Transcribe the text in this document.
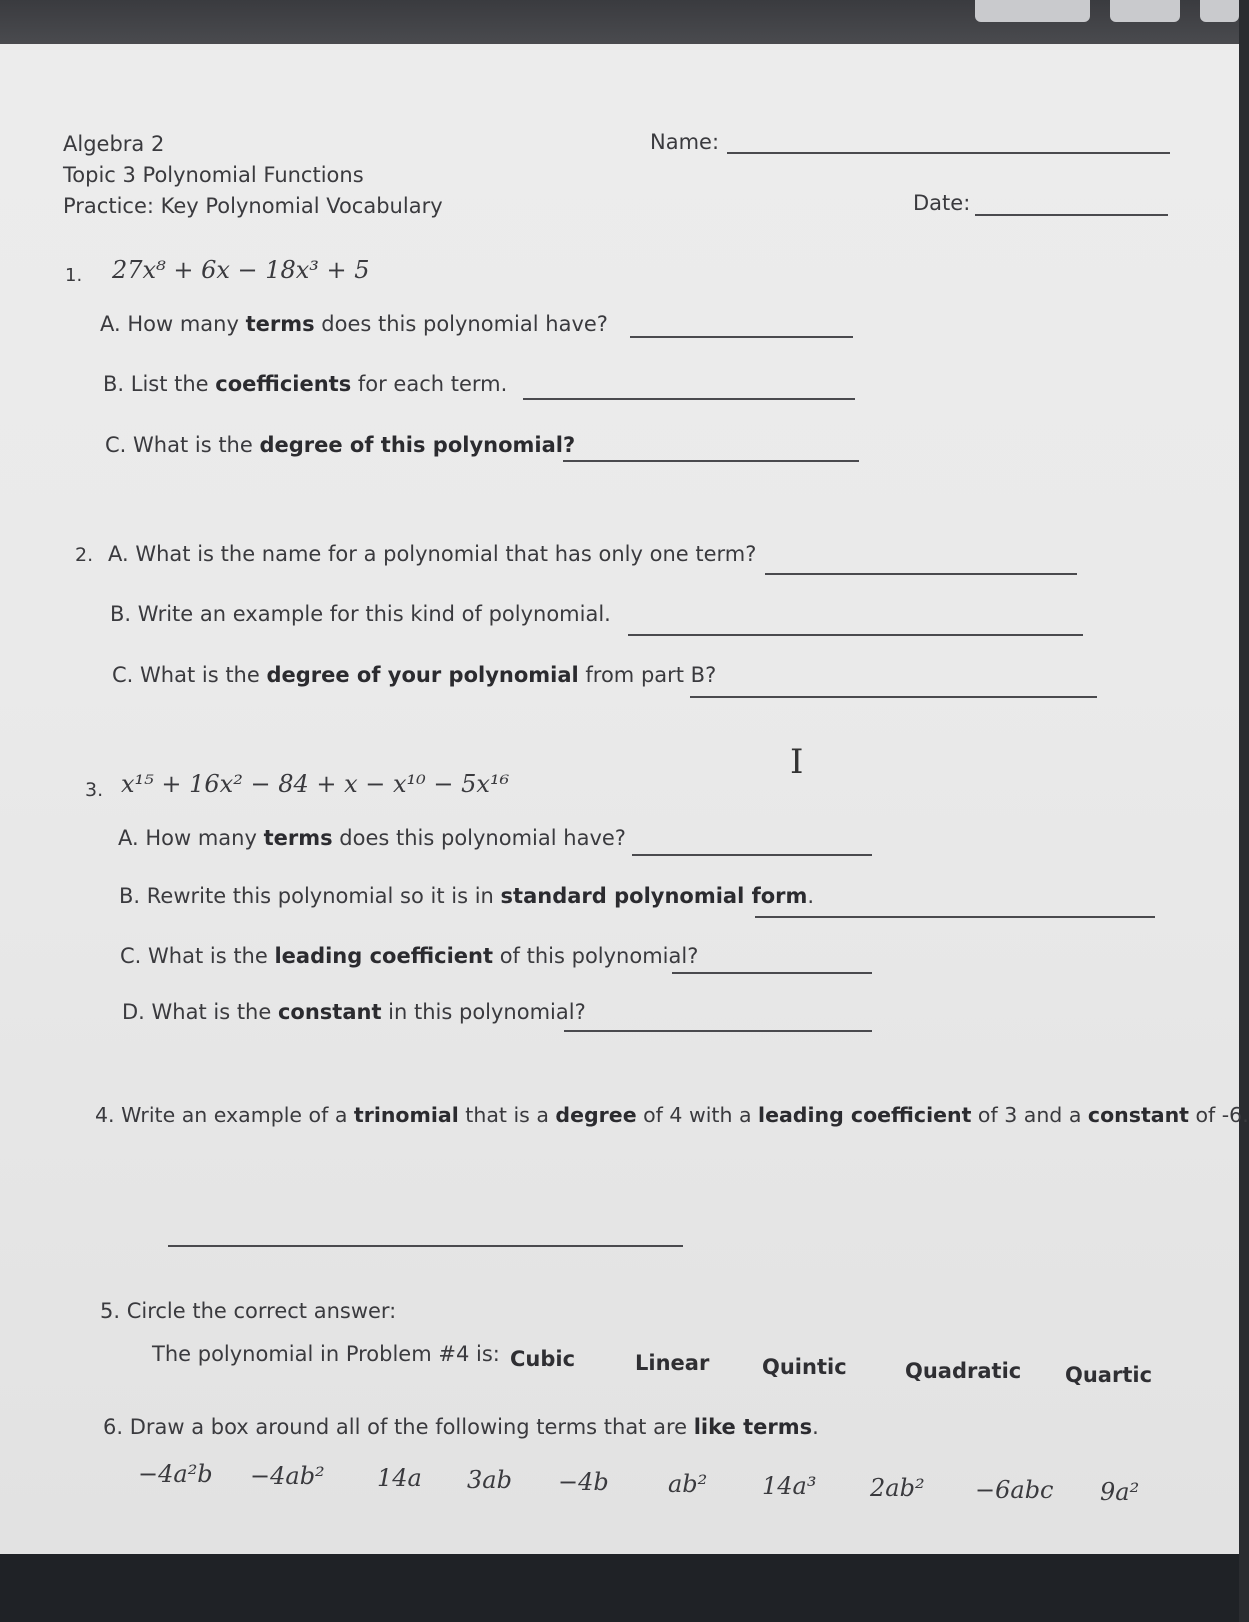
Algebra 2
Topic 3 Polynomial Functions
Practice: Key Polynomial Vocabulary
Name:
Date:
1. 27x⁸ + 6x − 18x³ + 5
A. How many terms does this polynomial have?
B. List the coefficients for each term.
C. What is the degree of this polynomial?
2. A. What is the name for a polynomial that has only one term?
B. Write an example for this kind of polynomial.
C. What is the degree of your polynomial from part B?
I
3. x¹⁵ + 16x² − 84 + x − x¹⁰ − 5x¹⁶
A. How many terms does this polynomial have?
B. Rewrite this polynomial so it is in standard polynomial form.
C. What is the leading coefficient of this polynomial?
D. What is the constant in this polynomial?
4. Write an example of a trinomial that is a degree of 4 with a leading coefficient of 3 and a constant of -6.
5. Circle the correct answer:
The polynomial in Problem #4 is: Cubic	Linear	Quintic	Quadratic Quartic
6. Draw a box around all of the following terms that are like terms.
−4a²b −4ab² 14a 3ab −4b ab² 14a³ 2ab² −6abc 9a²
